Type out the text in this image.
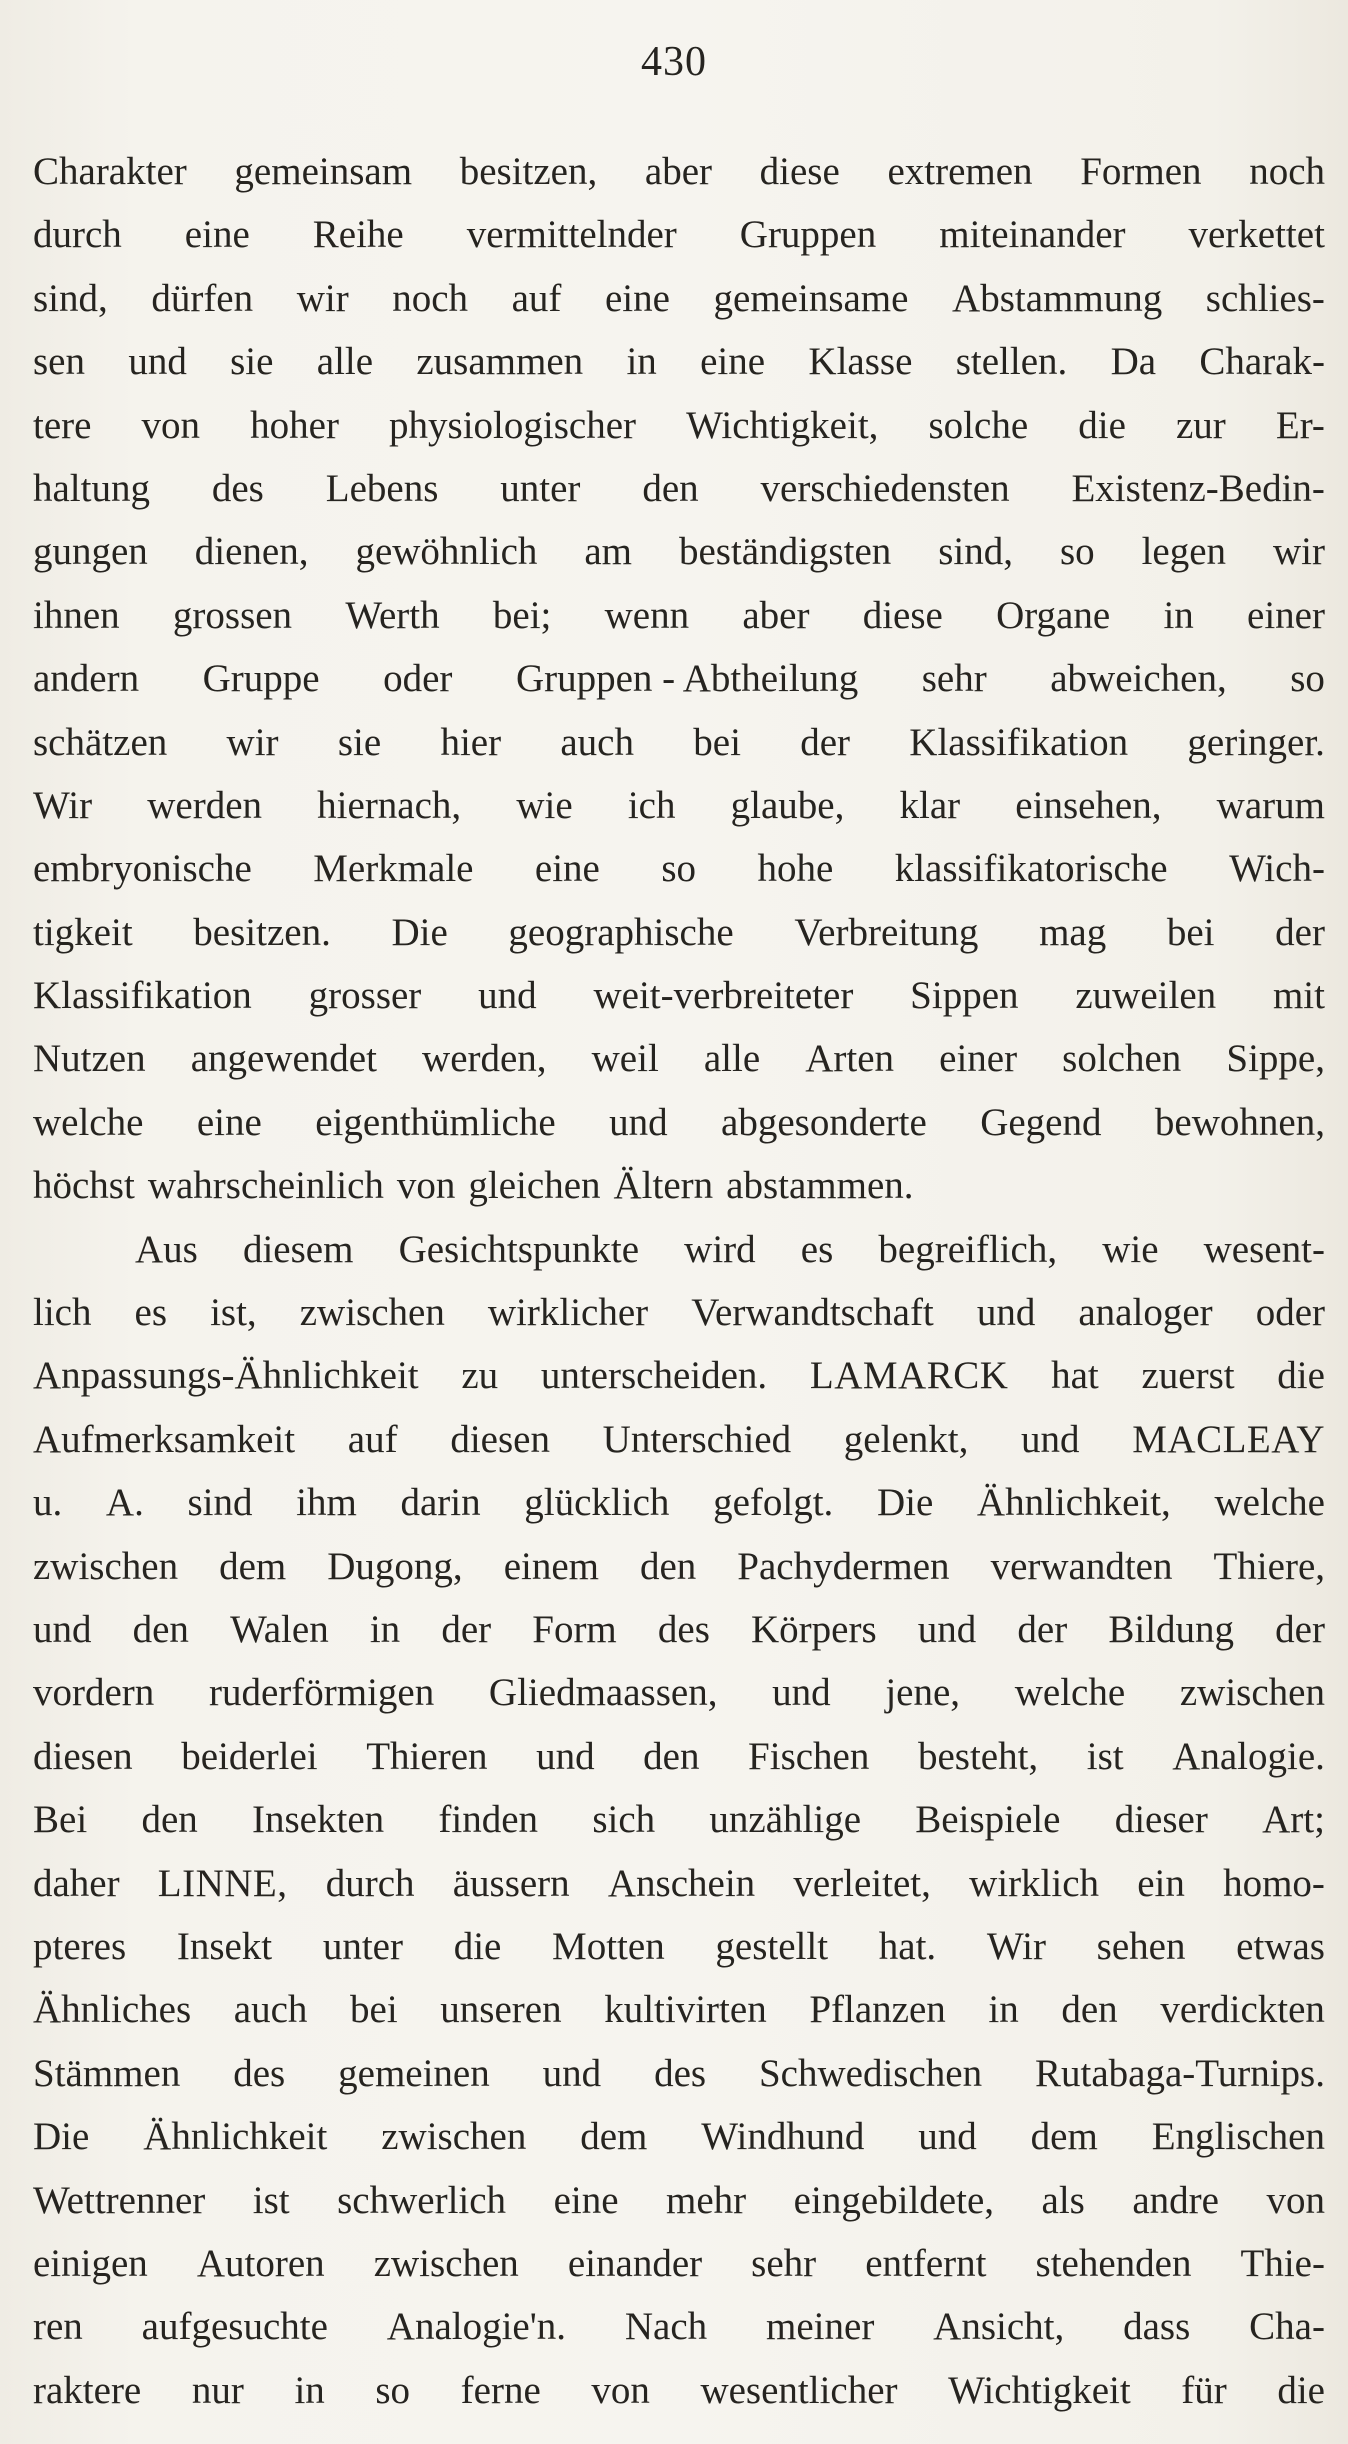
430
Charakter gemeinsam besitzen, aber diese extremen Formen noch
durch eine Reihe vermittelnder Gruppen miteinander verkettet
sind, dürfen wir noch auf eine gemeinsame Abstammung schlies-
sen und sie alle zusammen in eine Klasse stellen. Da Charak-
tere von hoher physiologischer Wichtigkeit, solche die zur Er-
haltung des Lebens unter den verschiedensten Existenz-Bedin-
gungen dienen, gewöhnlich am beständigsten sind, so legen wir
ihnen grossen Werth bei; wenn aber diese Organe in einer
andern Gruppe oder Gruppen - Abtheilung sehr abweichen, so
schätzen wir sie hier auch bei der Klassifikation geringer.
Wir werden hiernach, wie ich glaube, klar einsehen, warum
embryonische Merkmale eine so hohe klassifikatorische Wich-
tigkeit besitzen. Die geographische Verbreitung mag bei der
Klassifikation grosser und weit-verbreiteter Sippen zuweilen mit
Nutzen angewendet werden, weil alle Arten einer solchen Sippe,
welche eine eigenthümliche und abgesonderte Gegend bewohnen,
höchst wahrscheinlich von gleichen Ältern abstammen.
Aus diesem Gesichtspunkte wird es begreiflich, wie wesent-
lich es ist, zwischen wirklicher Verwandtschaft und analoger oder
Anpassungs-Ähnlichkeit zu unterscheiden. LAMARCK hat zuerst die
Aufmerksamkeit auf diesen Unterschied gelenkt, und MACLEAY
u. A. sind ihm darin glücklich gefolgt. Die Ähnlichkeit, welche
zwischen dem Dugong, einem den Pachydermen verwandten Thiere,
und den Walen in der Form des Körpers und der Bildung der
vordern ruderförmigen Gliedmaassen, und jene, welche zwischen
diesen beiderlei Thieren und den Fischen besteht, ist Analogie.
Bei den Insekten finden sich unzählige Beispiele dieser Art;
daher LINNE, durch äussern Anschein verleitet, wirklich ein homo-
pteres Insekt unter die Motten gestellt hat. Wir sehen etwas
Ähnliches auch bei unseren kultivirten Pflanzen in den verdickten
Stämmen des gemeinen und des Schwedischen Rutabaga-Turnips.
Die Ähnlichkeit zwischen dem Windhund und dem Englischen
Wettrenner ist schwerlich eine mehr eingebildete, als andre von
einigen Autoren zwischen einander sehr entfernt stehenden Thie-
ren aufgesuchte Analogie'n. Nach meiner Ansicht, dass Cha-
raktere nur in so ferne von wesentlicher Wichtigkeit für die
